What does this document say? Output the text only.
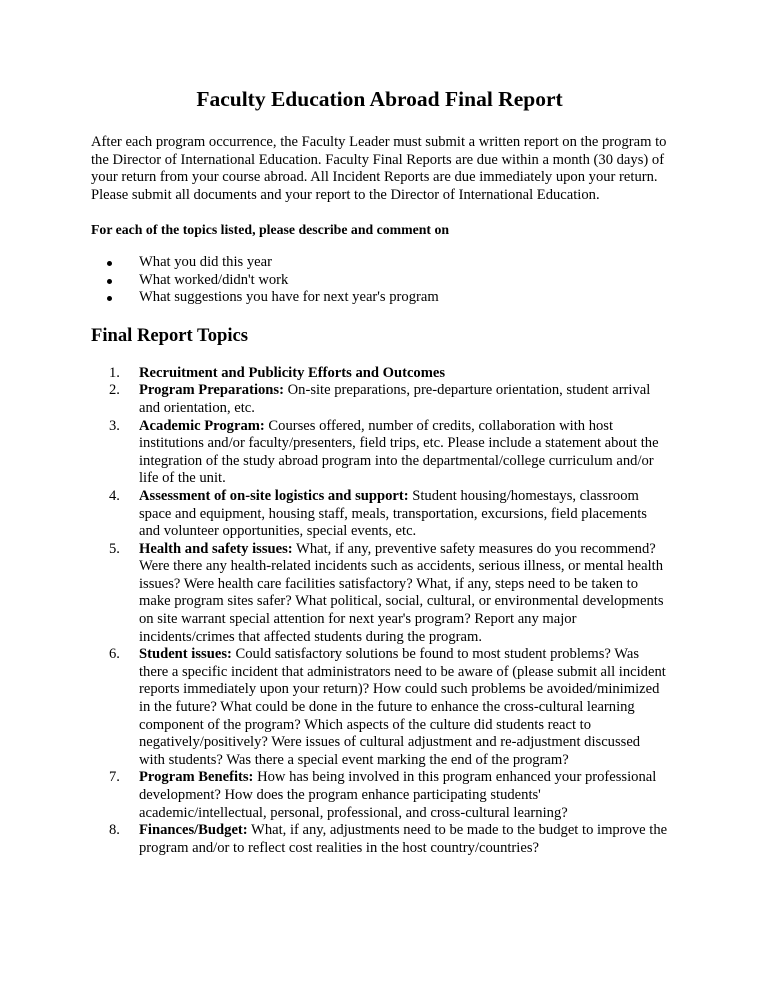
Faculty Education Abroad Final Report

After each program occurrence, the Faculty Leader must submit a written report on the program to the Director of International Education. Faculty Final Reports are due within a month (30 days) of your return from your course abroad. All Incident Reports are due immediately upon your return. Please submit all documents and your report to the Director of International Education.

For each of the topics listed, please describe and comment on

What you did this year
What worked/didn't work
What suggestions you have for next year's program
Final Report Topics
1. Recruitment and Publicity Efforts and Outcomes
2. Program Preparations: On-site preparations, pre-departure orientation, student arrival and orientation, etc.
3. Academic Program: Courses offered, number of credits, collaboration with host institutions and/or faculty/presenters, field trips, etc. Please include a statement about the integration of the study abroad program into the departmental/college curriculum and/or life of the unit.
4. Assessment of on-site logistics and support: Student housing/homestays, classroom space and equipment, housing staff, meals, transportation, excursions, field placements and volunteer opportunities, special events, etc.
5. Health and safety issues: What, if any, preventive safety measures do you recommend? Were there any health-related incidents such as accidents, serious illness, or mental health issues? Were health care facilities satisfactory? What, if any, steps need to be taken to make program sites safer? What political, social, cultural, or environmental developments on site warrant special attention for next year's program? Report any major incidents/crimes that affected students during the program.
6. Student issues: Could satisfactory solutions be found to most student problems? Was there a specific incident that administrators need to be aware of (please submit all incident reports immediately upon your return)? How could such problems be avoided/minimized in the future? What could be done in the future to enhance the cross-cultural learning component of the program? Which aspects of the culture did students react to negatively/positively? Were issues of cultural adjustment and re-adjustment discussed with students? Was there a special event marking the end of the program?
7. Program Benefits: How has being involved in this program enhanced your professional development? How does the program enhance participating students' academic/intellectual, personal, professional, and cross-cultural learning?
8. Finances/Budget: What, if any, adjustments need to be made to the budget to improve the program and/or to reflect cost realities in the host country/countries?
